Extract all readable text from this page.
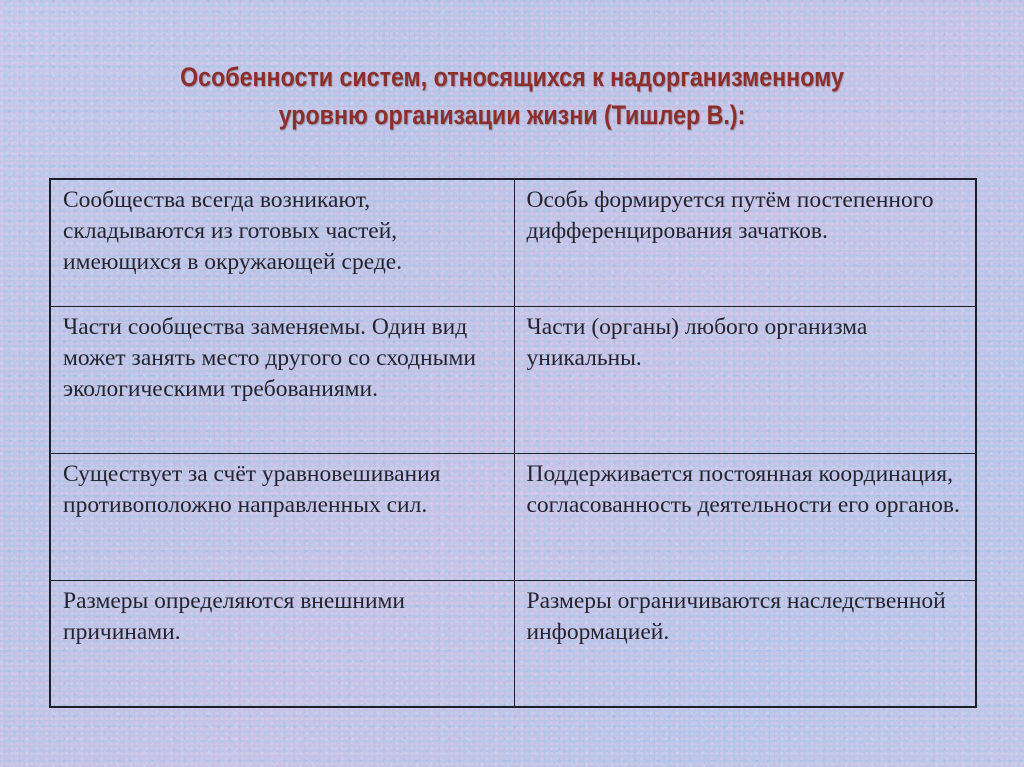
Особенности систем, относящихся к надорганизменному
уровню организации жизни (Тишлер В.):
Сообщества всегда возникают, складываются из готовых частей, имеющихся в окружающей среде.	Особь формируется путём постепенного дифференцирования зачатков.
Части сообщества заменяемы. Один вид может занять место другого со сходными экологическими требованиями.	Части (органы) любого организма уникальны.
Существует за счёт уравновешивания противоположно направленных сил.	Поддерживается постоянная координация, согласованность деятельности его органов.
Размеры определяются внешними причинами.	Размеры ограничиваются наследственной информацией.
